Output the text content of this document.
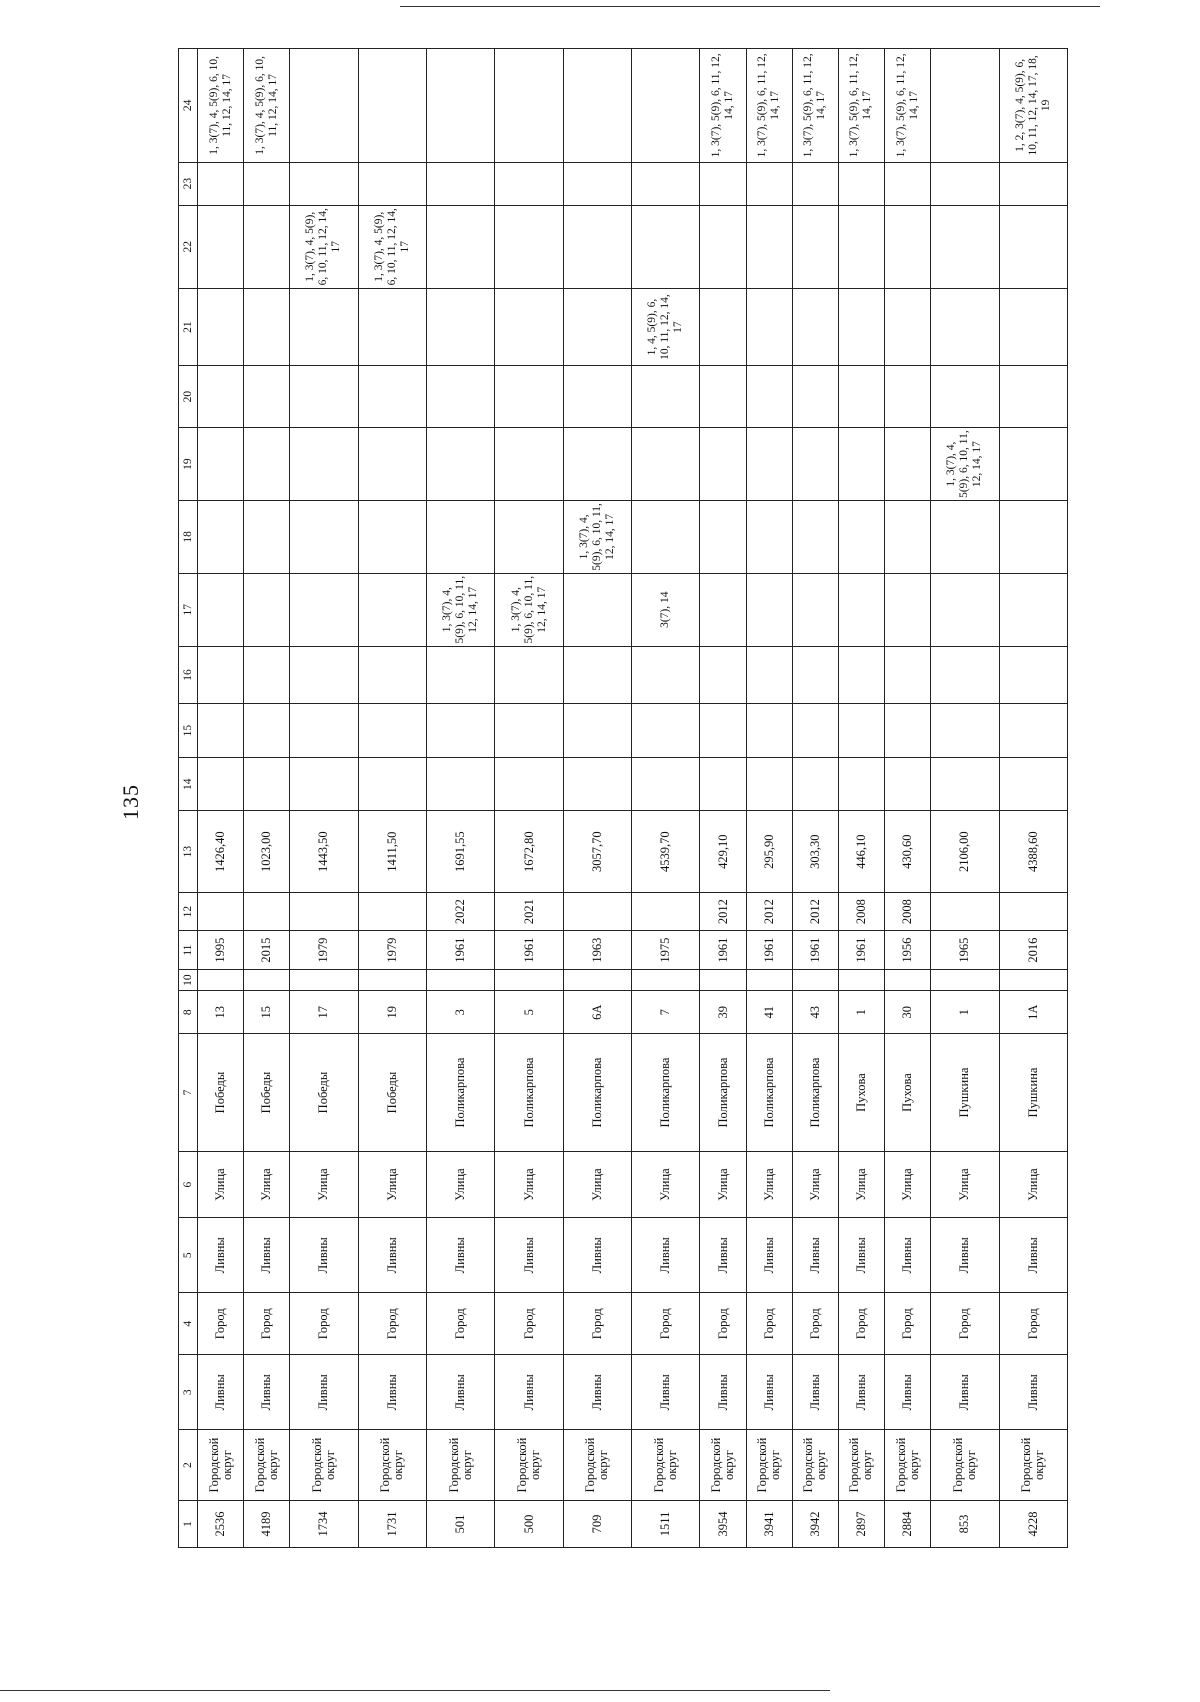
135
1	2	3	4	5	6	7	8	10	11	12	13	14	15	16	17	18	19	20	21	22	23	24
2536	Городской округ	Ливны	Город	Ливны	Улица	Победы	13		1995		1426,40											1, 3(7), 4, 5(9), 6, 10, 11, 12, 14, 17
4189	Городской округ	Ливны	Город	Ливны	Улица	Победы	15		2015		1023,00											1, 3(7), 4, 5(9), 6, 10, 11, 12, 14, 17
1734	Городской округ	Ливны	Город	Ливны	Улица	Победы	17		1979		1443,50									1, 3(7), 4, 5(9), 6, 10, 11, 12, 14, 17		
1731	Городской округ	Ливны	Город	Ливны	Улица	Победы	19		1979		1411,50									1, 3(7), 4, 5(9), 6, 10, 11, 12, 14, 17		
501	Городской округ	Ливны	Город	Ливны	Улица	Поликарпова	3		1961	2022	1691,55				1, 3(7), 4, 5(9), 6, 10, 11, 12, 14, 17							
500	Городской округ	Ливны	Город	Ливны	Улица	Поликарпова	5		1961	2021	1672,80				1, 3(7), 4, 5(9), 6, 10, 11, 12, 14, 17							
709	Городской округ	Ливны	Город	Ливны	Улица	Поликарпова	6А		1963		3057,70					1, 3(7), 4, 5(9), 6, 10, 11, 12, 14, 17						
1511	Городской округ	Ливны	Город	Ливны	Улица	Поликарпова	7		1975		4539,70				3(7), 14				1, 4, 5(9), 6, 10, 11, 12, 14, 17			
3954	Городской округ	Ливны	Город	Ливны	Улица	Поликарпова	39		1961	2012	429,10											1, 3(7), 5(9), 6, 11, 12, 14, 17
3941	Городской округ	Ливны	Город	Ливны	Улица	Поликарпова	41		1961	2012	295,90											1, 3(7), 5(9), 6, 11, 12, 14, 17
3942	Городской округ	Ливны	Город	Ливны	Улица	Поликарпова	43		1961	2012	303,30											1, 3(7), 5(9), 6, 11, 12, 14, 17
2897	Городской округ	Ливны	Город	Ливны	Улица	Пухова	1		1961	2008	446,10											1, 3(7), 5(9), 6, 11, 12, 14, 17
2884	Городской округ	Ливны	Город	Ливны	Улица	Пухова	30		1956	2008	430,60											1, 3(7), 5(9), 6, 11, 12, 14, 17
853	Городской округ	Ливны	Город	Ливны	Улица	Пушкина	1		1965		2106,00						1, 3(7), 4, 5(9), 6, 10, 11, 12, 14, 17					
4228	Городской округ	Ливны	Город	Ливны	Улица	Пушкина	1А		2016		4388,60											1, 2, 3(7), 4, 5(9), 6, 10, 11, 12, 14, 17, 18, 19
